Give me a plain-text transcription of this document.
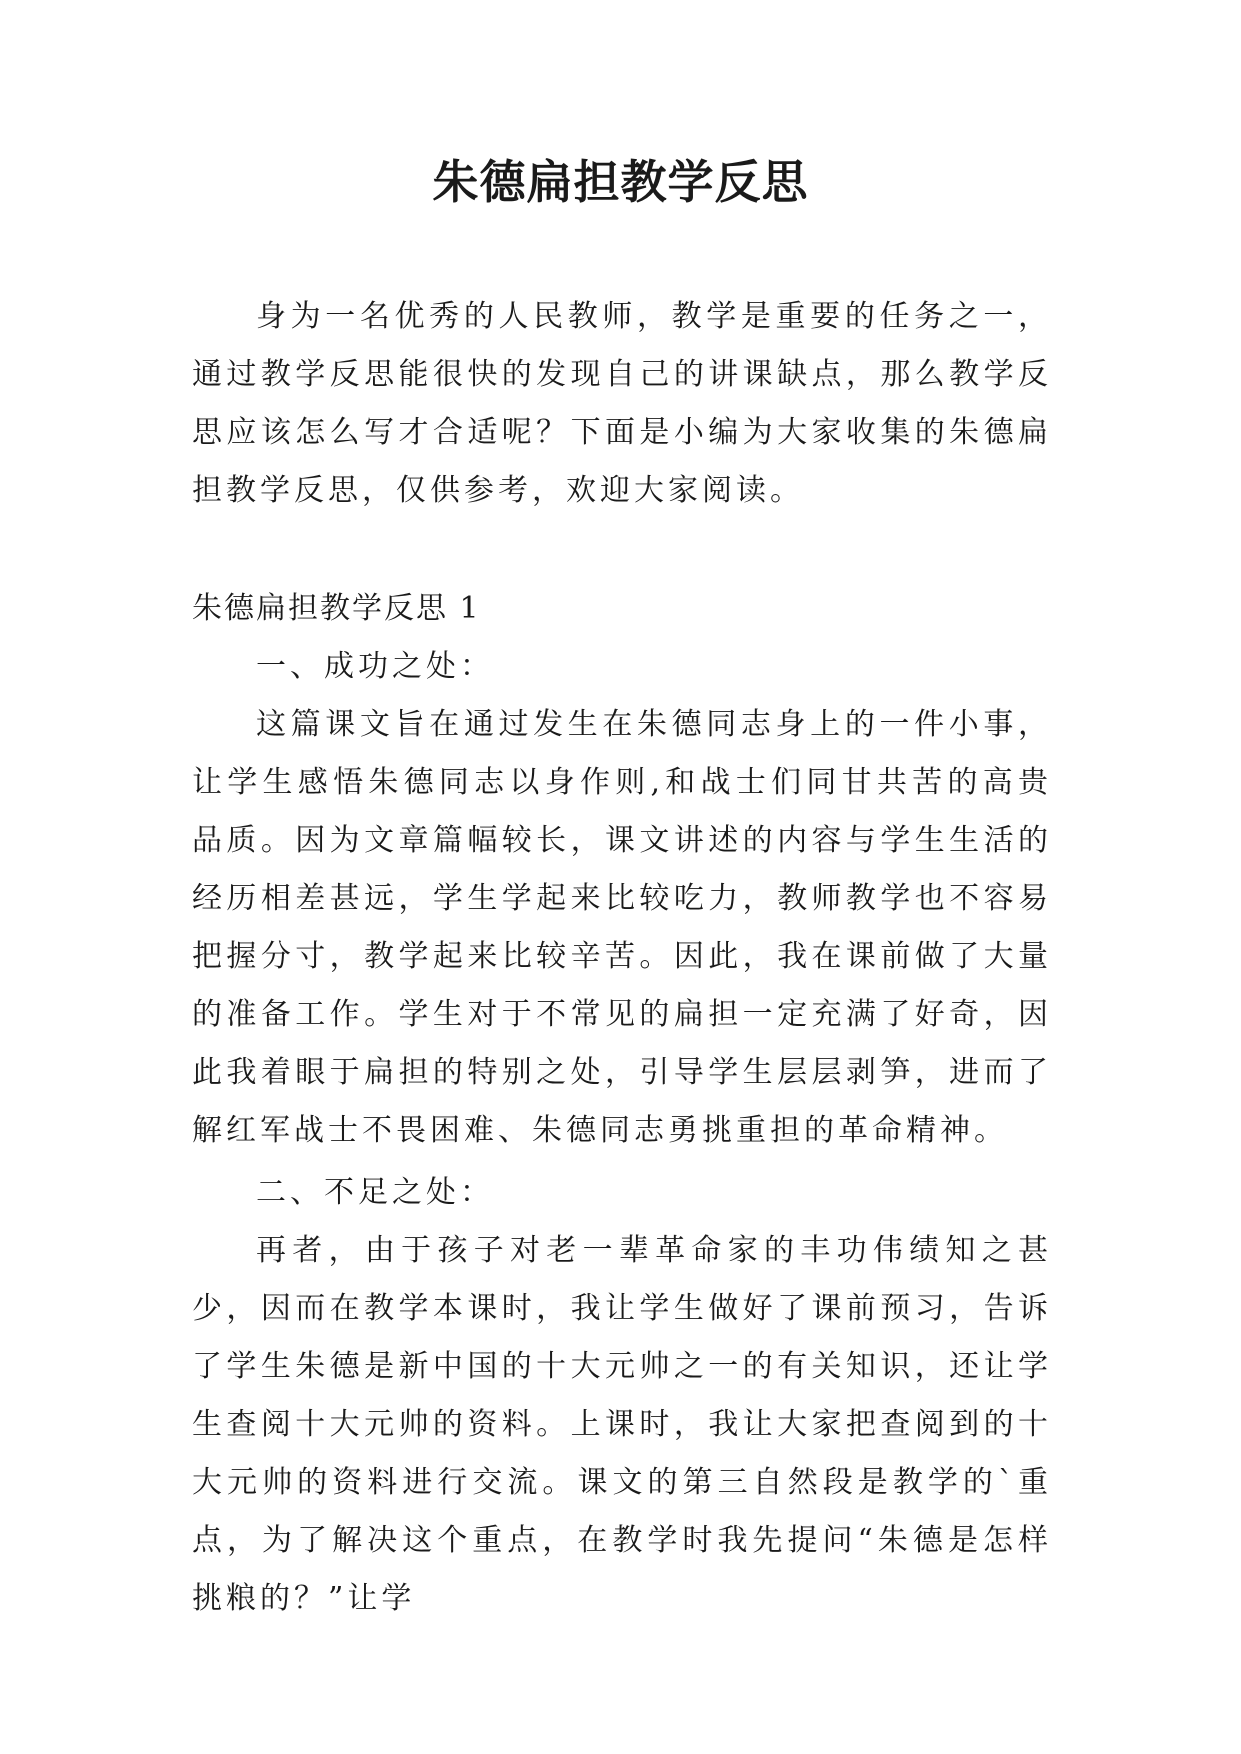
朱德扁担教学反思

身为一名优秀的人民教师，教学是重要的任务之一，通过教学反思能很快的发现自己的讲课缺点，那么教学反思应该怎么写才合适呢？下面是小编为大家收集的朱德扁担教学反思，仅供参考，欢迎大家阅读。

朱德扁担教学反思 1

一、成功之处：

这篇课文旨在通过发生在朱德同志身上的一件小事，让学生感悟朱德同志以身作则,和战士们同甘共苦的高贵品质。因为文章篇幅较长，课文讲述的内容与学生生活的经历相差甚远，学生学起来比较吃力，教师教学也不容易把握分寸，教学起来比较辛苦。因此，我在课前做了大量的准备工作。学生对于不常见的扁担一定充满了好奇，因此我着眼于扁担的特别之处，引导学生层层剥笋，进而了解红军战士不畏困难、朱德同志勇挑重担的革命精神。

二、不足之处：

再者，由于孩子对老一辈革命家的丰功伟绩知之甚少，因而在教学本课时，我让学生做好了课前预习，告诉了学生朱德是新中国的十大元帅之一的有关知识，还让学生查阅十大元帅的资料。上课时，我让大家把查阅到的十大元帅的资料进行交流。课文的第三自然段是教学的`重点，为了解决这个重点，在教学时我先提问“朱德是怎样挑粮的？”让学
